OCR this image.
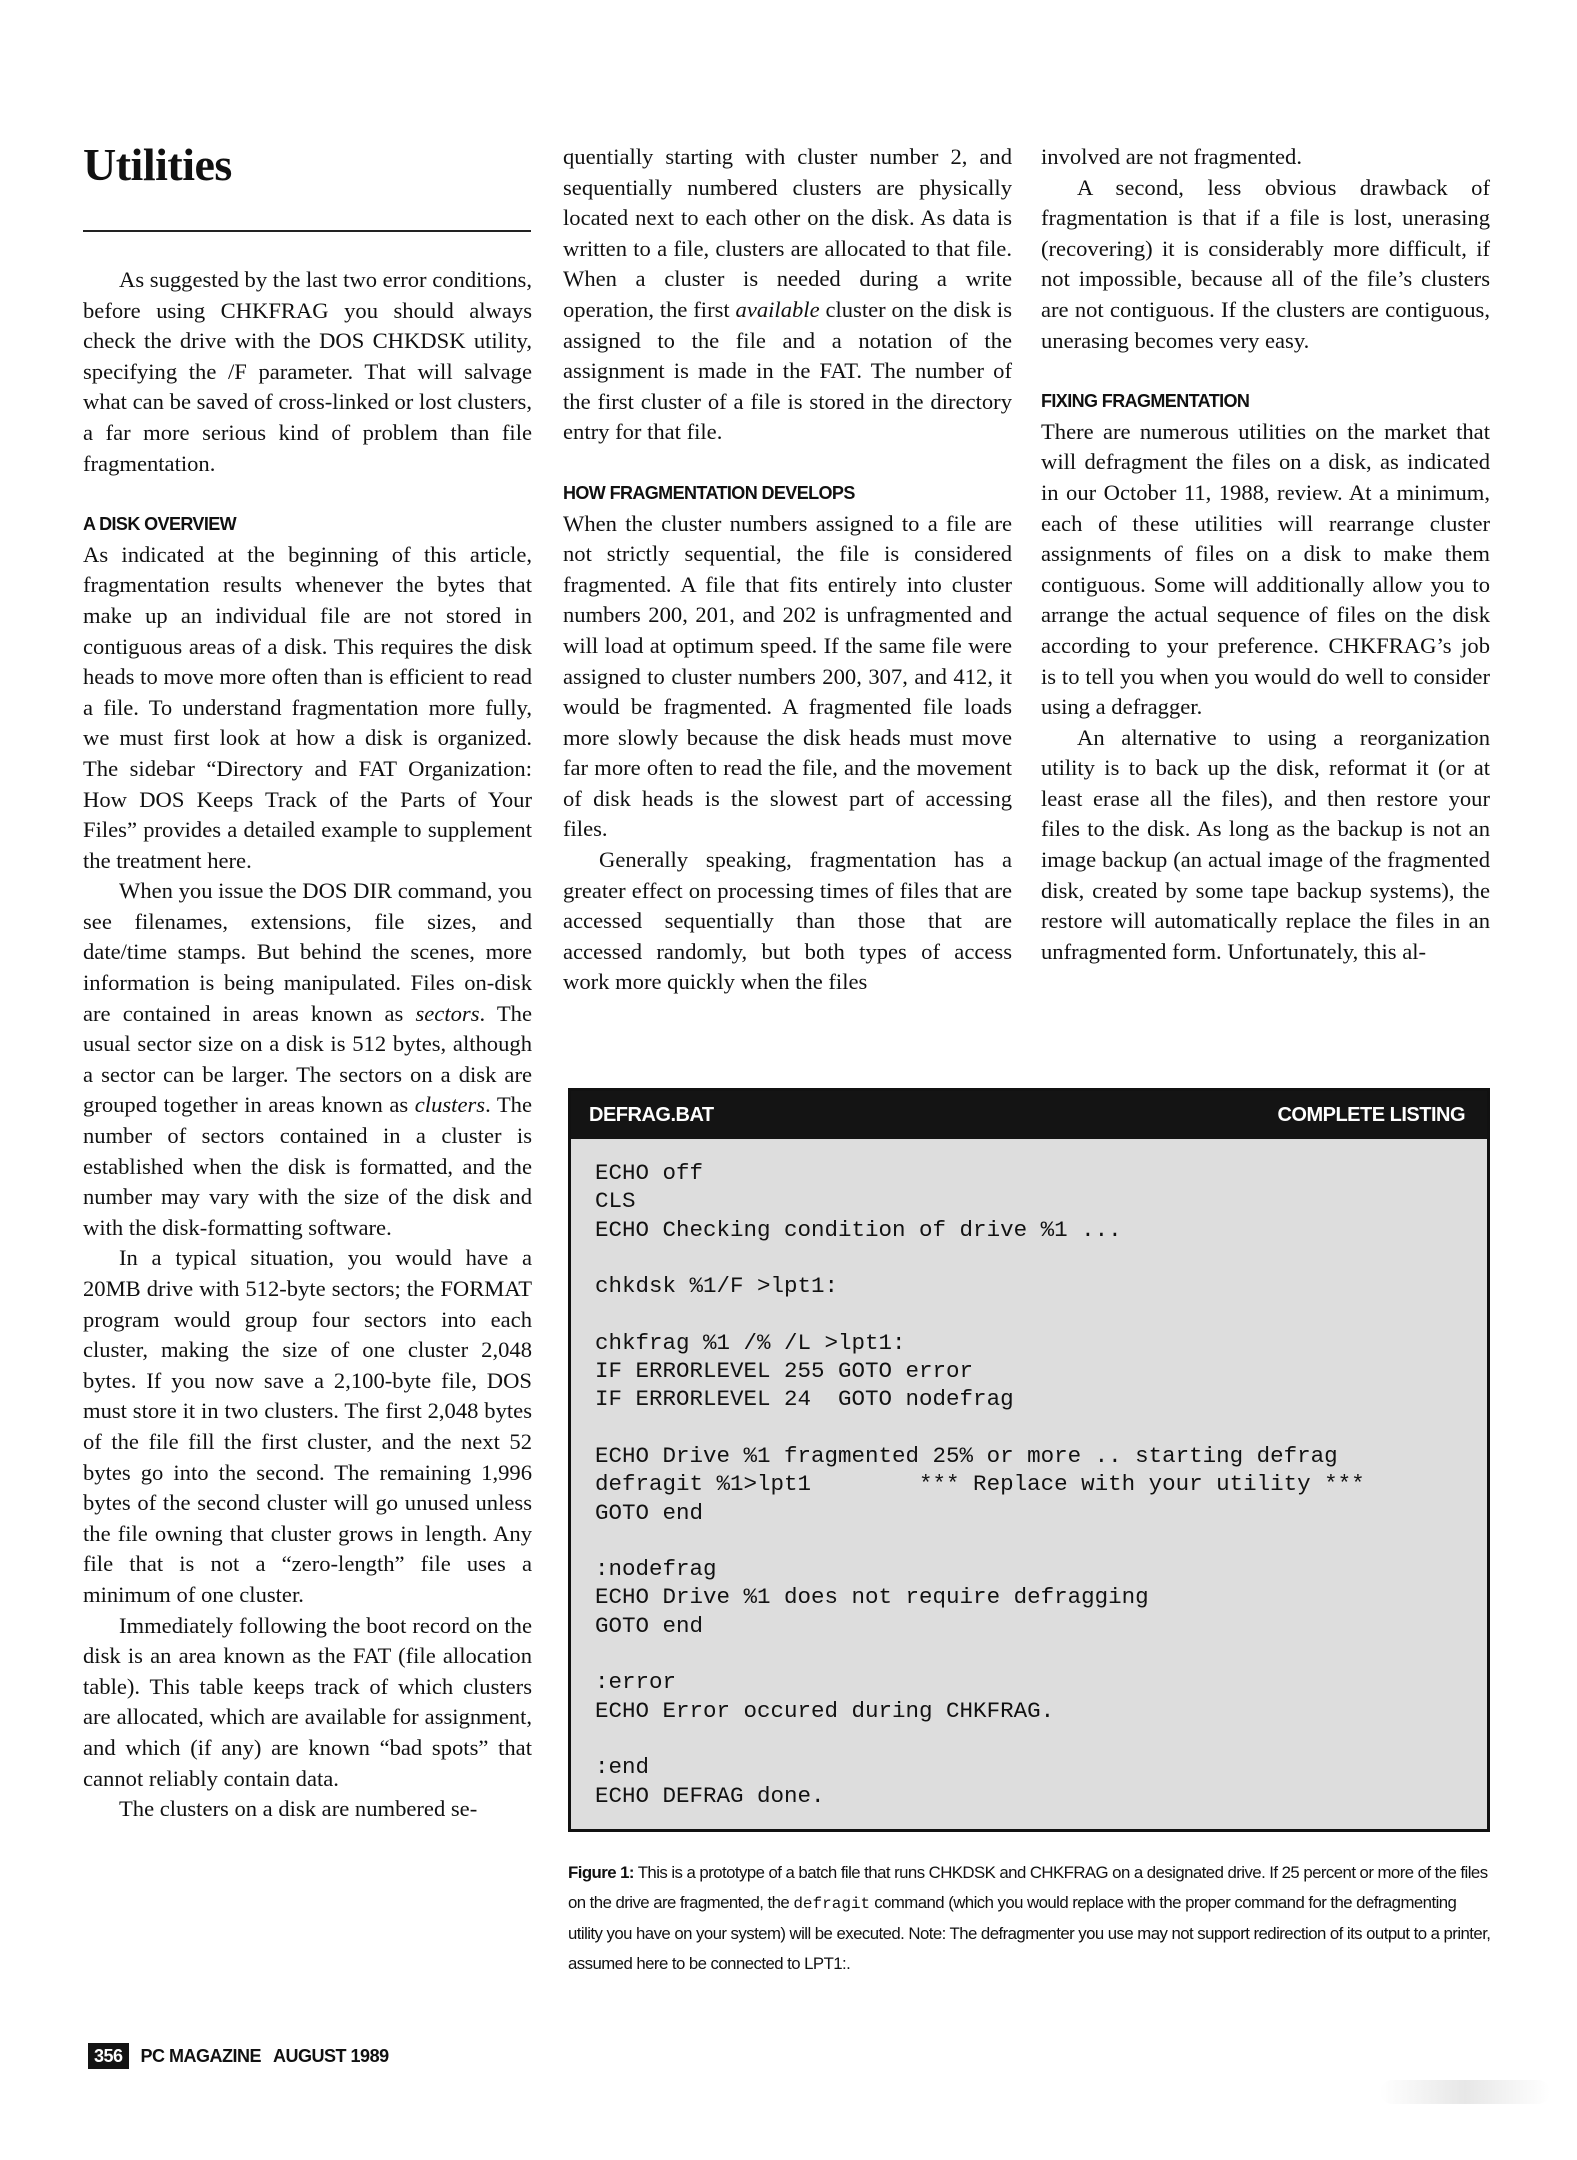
Utilities

As suggested by the last two error conditions, before using CHKFRAG you should always check the drive with the DOS CHKDSK utility, specifying the /F parameter. That will salvage what can be saved of cross-linked or lost clusters, a far more serious kind of problem than file fragmentation.

A DISK OVERVIEW

As indicated at the beginning of this article, fragmentation results whenever the bytes that make up an individual file are not stored in contiguous areas of a disk. This requires the disk heads to move more often than is efficient to read a file. To understand fragmentation more fully, we must first look at how a disk is organized. The sidebar “Directory and FAT Organization: How DOS Keeps Track of the Parts of Your Files” provides a detailed example to supplement the treatment here.

When you issue the DOS DIR command, you see filenames, extensions, file sizes, and date/time stamps. But behind the scenes, more information is being manipulated. Files on-disk are contained in areas known as sectors. The usual sector size on a disk is 512 bytes, although a sector can be larger. The sectors on a disk are grouped together in areas known as clusters. The number of sectors contained in a cluster is established when the disk is formatted, and the number may vary with the size of the disk and with the disk-formatting software.

In a typical situation, you would have a 20MB drive with 512-byte sectors; the FORMAT program would group four sectors into each cluster, making the size of one cluster 2,048 bytes. If you now save a 2,100-byte file, DOS must store it in two clusters. The first 2,048 bytes of the file fill the first cluster, and the next 52 bytes go into the second. The remaining 1,996 bytes of the second cluster will go unused unless the file owning that cluster grows in length. Any file that is not a “zero-length” file uses a minimum of one cluster.

Immediately following the boot record on the disk is an area known as the FAT (file allocation table). This table keeps track of which clusters are allocated, which are available for assignment, and which (if any) are known “bad spots” that cannot reliably contain data.

The clusters on a disk are numbered se-

quentially starting with cluster number 2, and sequentially numbered clusters are physically located next to each other on the disk. As data is written to a file, clusters are allocated to that file. When a cluster is needed during a write operation, the first available cluster on the disk is assigned to the file and a notation of the assignment is made in the FAT. The number of the first cluster of a file is stored in the directory entry for that file.

HOW FRAGMENTATION DEVELOPS

When the cluster numbers assigned to a file are not strictly sequential, the file is considered fragmented. A file that fits entirely into cluster numbers 200, 201, and 202 is unfragmented and will load at optimum speed. If the same file were assigned to cluster numbers 200, 307, and 412, it would be fragmented. A fragmented file loads more slowly because the disk heads must move far more often to read the file, and the movement of disk heads is the slowest part of accessing files.

Generally speaking, fragmentation has a greater effect on processing times of files that are accessed sequentially than those that are accessed randomly, but both types of access work more quickly when the files

involved are not fragmented.

A second, less obvious drawback of fragmentation is that if a file is lost, unerasing (recovering) it is considerably more difficult, if not impossible, because all of the file’s clusters are not contiguous. If the clusters are contiguous, unerasing becomes very easy.

FIXING FRAGMENTATION

There are numerous utilities on the market that will defragment the files on a disk, as indicated in our October 11, 1988, review. At a minimum, each of these utilities will rearrange cluster assignments of files on a disk to make them contiguous. Some will additionally allow you to arrange the actual sequence of files on the disk according to your preference. CHKFRAG’s job is to tell you when you would do well to consider using a defragger.

An alternative to using a reorganization utility is to back up the disk, reformat it (or at least erase all the files), and then restore your files to the disk. As long as the backup is not an image backup (an actual image of the fragmented disk, created by some tape backup systems), the restore will automatically replace the files in an unfragmented form. Unfortunately, this al-

DEFRAG.BAT	COMPLETE LISTING
ECHO off
CLS
ECHO Checking condition of drive %1 ...
chkdsk %1/F >lpt1:
chkfrag %1 /% /L >lpt1:
IF ERRORLEVEL 255 GOTO error
IF ERRORLEVEL 24  GOTO nodefrag
ECHO Drive %1 fragmented 25% or more .. starting defrag
defragit %1>lpt1        *** Replace with your utility ***
GOTO end
:nodefrag
ECHO Drive %1 does not require defragging
GOTO end
:error
ECHO Error occured during CHKFRAG.
:end
ECHO DEFRAG done.
Figure 1: This is a prototype of a batch file that runs CHKDSK and CHKFRAG on a designated drive. If 25 percent or more of the files on the drive are fragmented, the defragit command (which you would replace with the proper command for the defragmenting utility you have on your system) will be executed. Note: The defragmenter you use may not support redirection of its output to a printer, assumed here to be connected to LPT1:.
356	PC MAGAZINE AUGUST 1989
